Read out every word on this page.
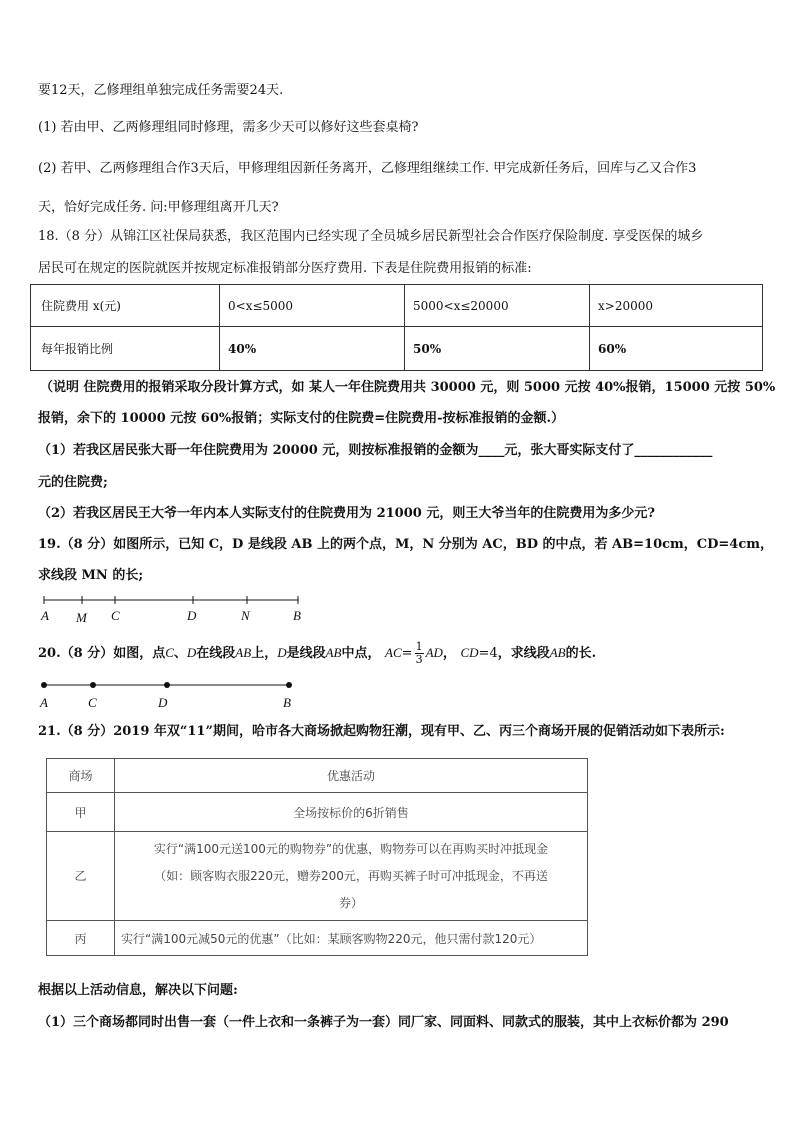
要12天，乙修理组单独完成任务需要24天.
(1) 若由甲、乙两修理组同时修理，需多少天可以修好这些套桌椅?
(2) 若甲、乙两修理组合作3天后，甲修理组因新任务离开，乙修理组继续工作. 甲完成新任务后，回库与乙又合作3
天，恰好完成任务. 问:甲修理组离开几天?
18.（8 分）从锦江区社保局获悉，我区范围内已经实现了全员城乡居民新型社会合作医疗保险制度. 享受医保的城乡
居民可在规定的医院就医并按规定标准报销部分医疗费用. 下表是住院费用报销的标准:
住院费用 x(元)	0<x≤5000	5000<x≤20000	x>20000
每年报销比例	40%	50%	60%
（说明 住院费用的报销采取分段计算方式，如 某人一年住院费用共 30000 元，则 5000 元按 40%报销，15000 元按 50%
报销，余下的 10000 元按 60%报销；实际支付的住院费=住院费用-按标准报销的金额.）
（1）若我区居民张大哥一年住院费用为 20000 元，则按标准报销的金额为____元，张大哥实际支付了____________
元的住院费;
（2）若我区居民王大爷一年内本人实际支付的住院费用为 21000 元，则王大爷当年的住院费用为多少元?
19.（8 分）如图所示，已知 C，D 是线段 AB 上的两个点，M，N 分别为 AC，BD 的中点，若 AB=10cm，CD=4cm，
求线段 MN 的长;
A M C	D	N	B
20.（8 分）如图，点C、D在线段AB上，D是线段AB中点， $AC= \frac{1}{3}$ AD， CD=4，求线段AB的长.
A	C	D	B
21.（8 分）2019 年双“11”期间，哈市各大商场掀起购物狂潮，现有甲、乙、丙三个商场开展的促销活动如下表所示:
商场	优惠活动
甲	全场按标价的6折销售
乙	实行“满100元送100元的购物券”的优惠，购物券可以在再购买时冲抵现金
（如：顾客购衣服220元，赠券200元，再购买裤子时可冲抵现金，不再送
券）

丙	实行“满100元减50元的优惠”（比如：某顾客购物220元，他只需付款120元）
根据以上活动信息，解决以下问题:
（1）三个商场都同时出售一套（一件上衣和一条裤子为一套）同厂家、同面料、同款式的服装，其中上衣标价都为 290
